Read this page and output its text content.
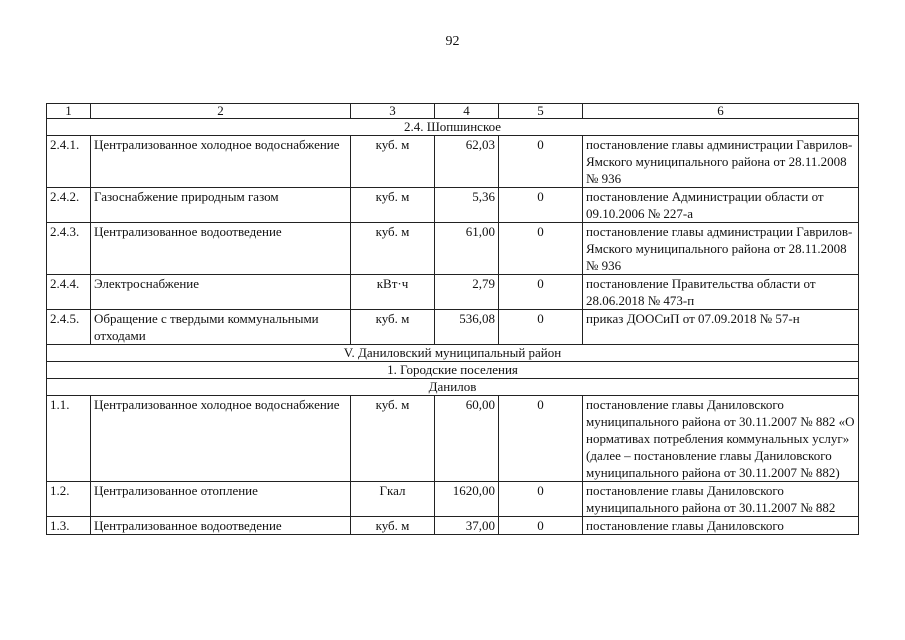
92
1	2	3	4	5	6
2.4. Шопшинское					
2.4.1.	Централизованное холодное водоснабжение	куб. м	62,03	0	постановление главы администрации Гаврилов-Ямского муниципального района от 28.11.2008 № 936
2.4.2.	Газоснабжение природным газом	куб. м	5,36	0	постановление Администрации области от 09.10.2006 № 227-а
2.4.3.	Централизованное водоотведение	куб. м	61,00	0	постановление главы администрации Гаврилов-Ямского муниципального района от 28.11.2008 № 936
2.4.4.	Электроснабжение	кВт·ч	2,79	0	постановление Правительства области от 28.06.2018 № 473-п
2.4.5.	Обращение с твердыми коммунальными отходами	куб. м	536,08	0	приказ ДООСиП от 07.09.2018 № 57-н
V. Даниловский муниципальный район					
1. Городские поселения					
Данилов					
1.1.	Централизованное холодное водоснабжение	куб. м	60,00	0	постановление главы Даниловского муниципального района от 30.11.2007 № 882 «О нормативах потребления коммунальных услуг» (далее – постановление главы Даниловского муниципального района от 30.11.2007 № 882)
1.2.	Централизованное отопление	Гкал	1620,00	0	постановление главы Даниловского муниципального района от 30.11.2007 № 882
1.3.	Централизованное водоотведение	куб. м	37,00	0	постановление главы Даниловского
